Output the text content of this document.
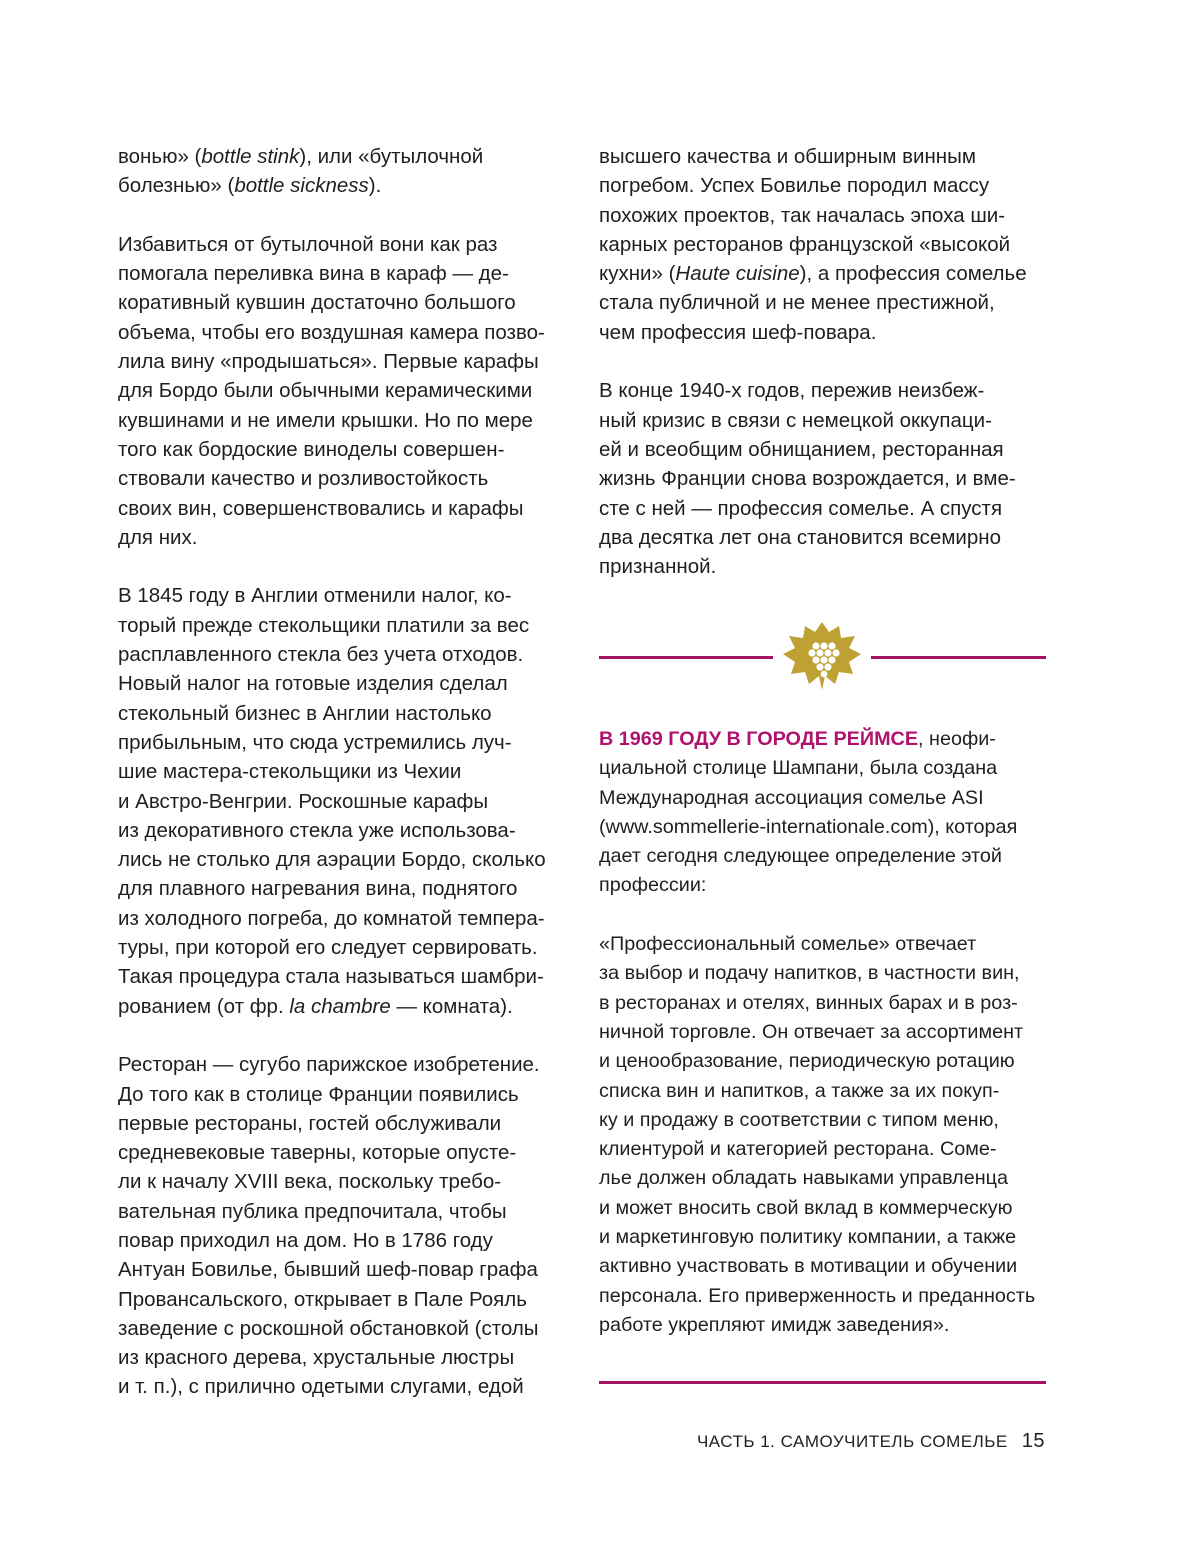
вонью» (bottle stink), или «бутылочной
болезнью» (bottle sickness).

Избавиться от бутылочной вони как раз
помогала переливка вина в караф — де-
коративный кувшин достаточно большого
объема, чтобы его воздушная камера позво-
лила вину «продышаться». Первые карафы
для Бордо были обычными керамическими
кувшинами и не имели крышки. Но по мере
того как бордоские виноделы совершен-
ствовали качество и розливостойкость
своих вин, совершенствовались и карафы
для них.

В 1845 году в Англии отменили налог, ко-
торый прежде стекольщики платили за вес
расплавленного стекла без учета отходов.
Новый налог на готовые изделия сделал
стекольный бизнес в Англии настолько
прибыльным, что сюда устремились луч-
шие мастера-стекольщики из Чехии
и Австро-Венгрии. Роскошные карафы
из декоративного стекла уже использова-
лись не столько для аэрации Бордо, сколько
для плавного нагревания вина, поднятого
из холодного погреба, до комнатой темпера-
туры, при которой его следует сервировать.
Такая процедура стала называться шамбри-
рованием (от фр. la chambre — комната).

Ресторан — сугубо парижское изобретение.
До того как в столице Франции появились
первые рестораны, гостей обслуживали
средневековые таверны, которые опусте-
ли к началу XVIII века, поскольку требо-
вательная публика предпочитала, чтобы
повар приходил на дом. Но в 1786 году
Антуан Бовилье, бывший шеф-повар графа
Провансальского, открывает в Пале Рояль
заведение с роскошной обстановкой (столы
из красного дерева, хрустальные люстры
и т. п.), с прилично одетыми слугами, едой

высшего качества и обширным винным
погребом. Успех Бовилье породил массу
похожих проектов, так началась эпоха ши-
карных ресторанов французской «высокой
кухни» (Haute cuisine), а профессия сомелье
стала публичной и не менее престижной,
чем профессия шеф-повара.

В конце 1940-х годов, пережив неизбеж-
ный кризис в связи с немецкой оккупаци-
ей и всеобщим обнищанием, ресторанная
жизнь Франции снова возрождается, и вме-
сте с ней — профессия сомелье. А спустя
два десятка лет она становится всемирно
признанной.

В 1969 ГОДУ В ГОРОДЕ РЕЙМСЕ, неофи-
циальной столице Шампани, была создана
Международная ассоциация сомелье ASI
(www.sommellerie-internationale.com), которая
дает сегодня следующее определение этой
профессии:

«Профессиональный сомелье» отвечает
за выбор и подачу напитков, в частности вин,
в ресторанах и отелях, винных барах и в роз-
ничной торговле. Он отвечает за ассортимент
и ценообразование, периодическую ротацию
списка вин и напитков, а также за их покуп-
ку и продажу в соответствии с типом меню,
клиентурой и категорией ресторана. Соме-
лье должен обладать навыками управленца
и может вносить свой вклад в коммерческую
и маркетинговую политику компании, а также
активно участвовать в мотивации и обучении
персонала. Его приверженность и преданность
работе укрепляют имидж заведения».

ЧАСТЬ 1. САМОУЧИТЕЛЬ СОМЕЛЬЕ 15
